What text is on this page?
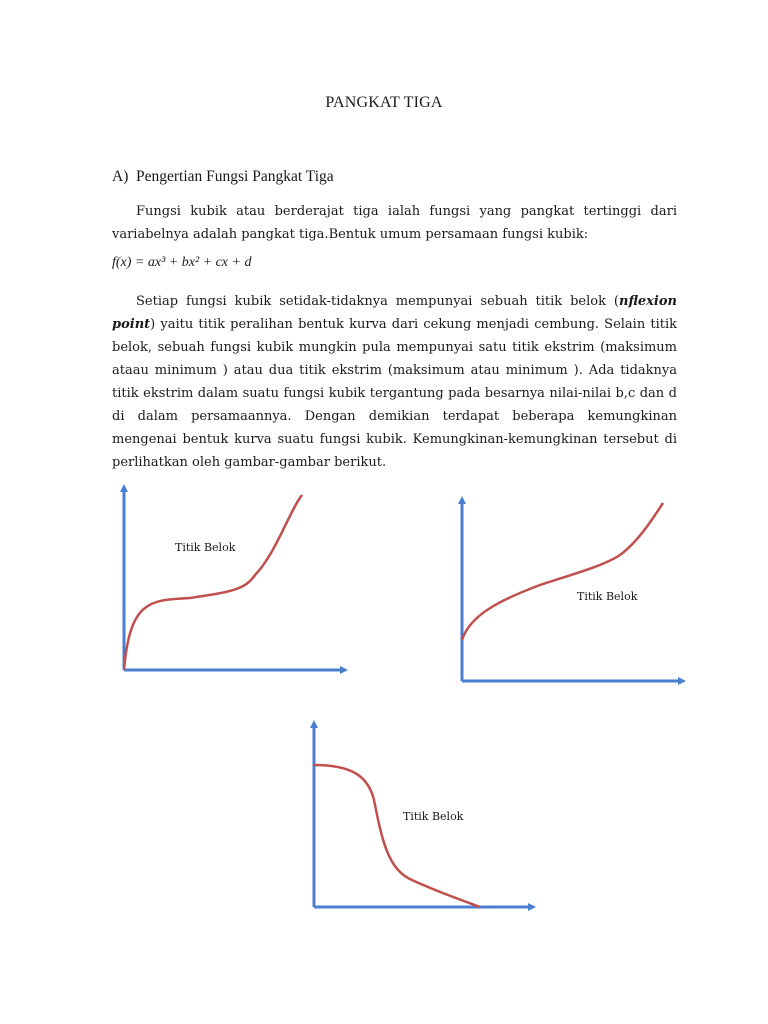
PANGKAT TIGA
A) Pengertian Fungsi Pangkat Tiga

Fungsi kubik atau berderajat tiga ialah fungsi yang pangkat tertinggi dari variabelnya adalah pangkat tiga.Bentuk umum persamaan fungsi kubik:

f(x) = ax³ + bx² + cx + d

Setiap fungsi kubik setidak-tidaknya mempunyai sebuah titik belok (nflexion point) yaitu titik peralihan bentuk kurva dari cekung menjadi cembung. Selain titik belok, sebuah fungsi kubik mungkin pula mempunyai satu titik ekstrim (maksimum ataau minimum ) atau dua titik ekstrim (maksimum atau minimum ). Ada tidaknya titik ekstrim dalam suatu fungsi kubik tergantung pada besarnya nilai-nilai b,c dan d di dalam persamaannya. Dengan demikian terdapat beberapa kemungkinan mengenai bentuk kurva suatu fungsi kubik. Kemungkinan-kemungkinan tersebut di perlihatkan oleh gambar-gambar berikut.

Titik Belok
Titik Belok
Titik Belok
